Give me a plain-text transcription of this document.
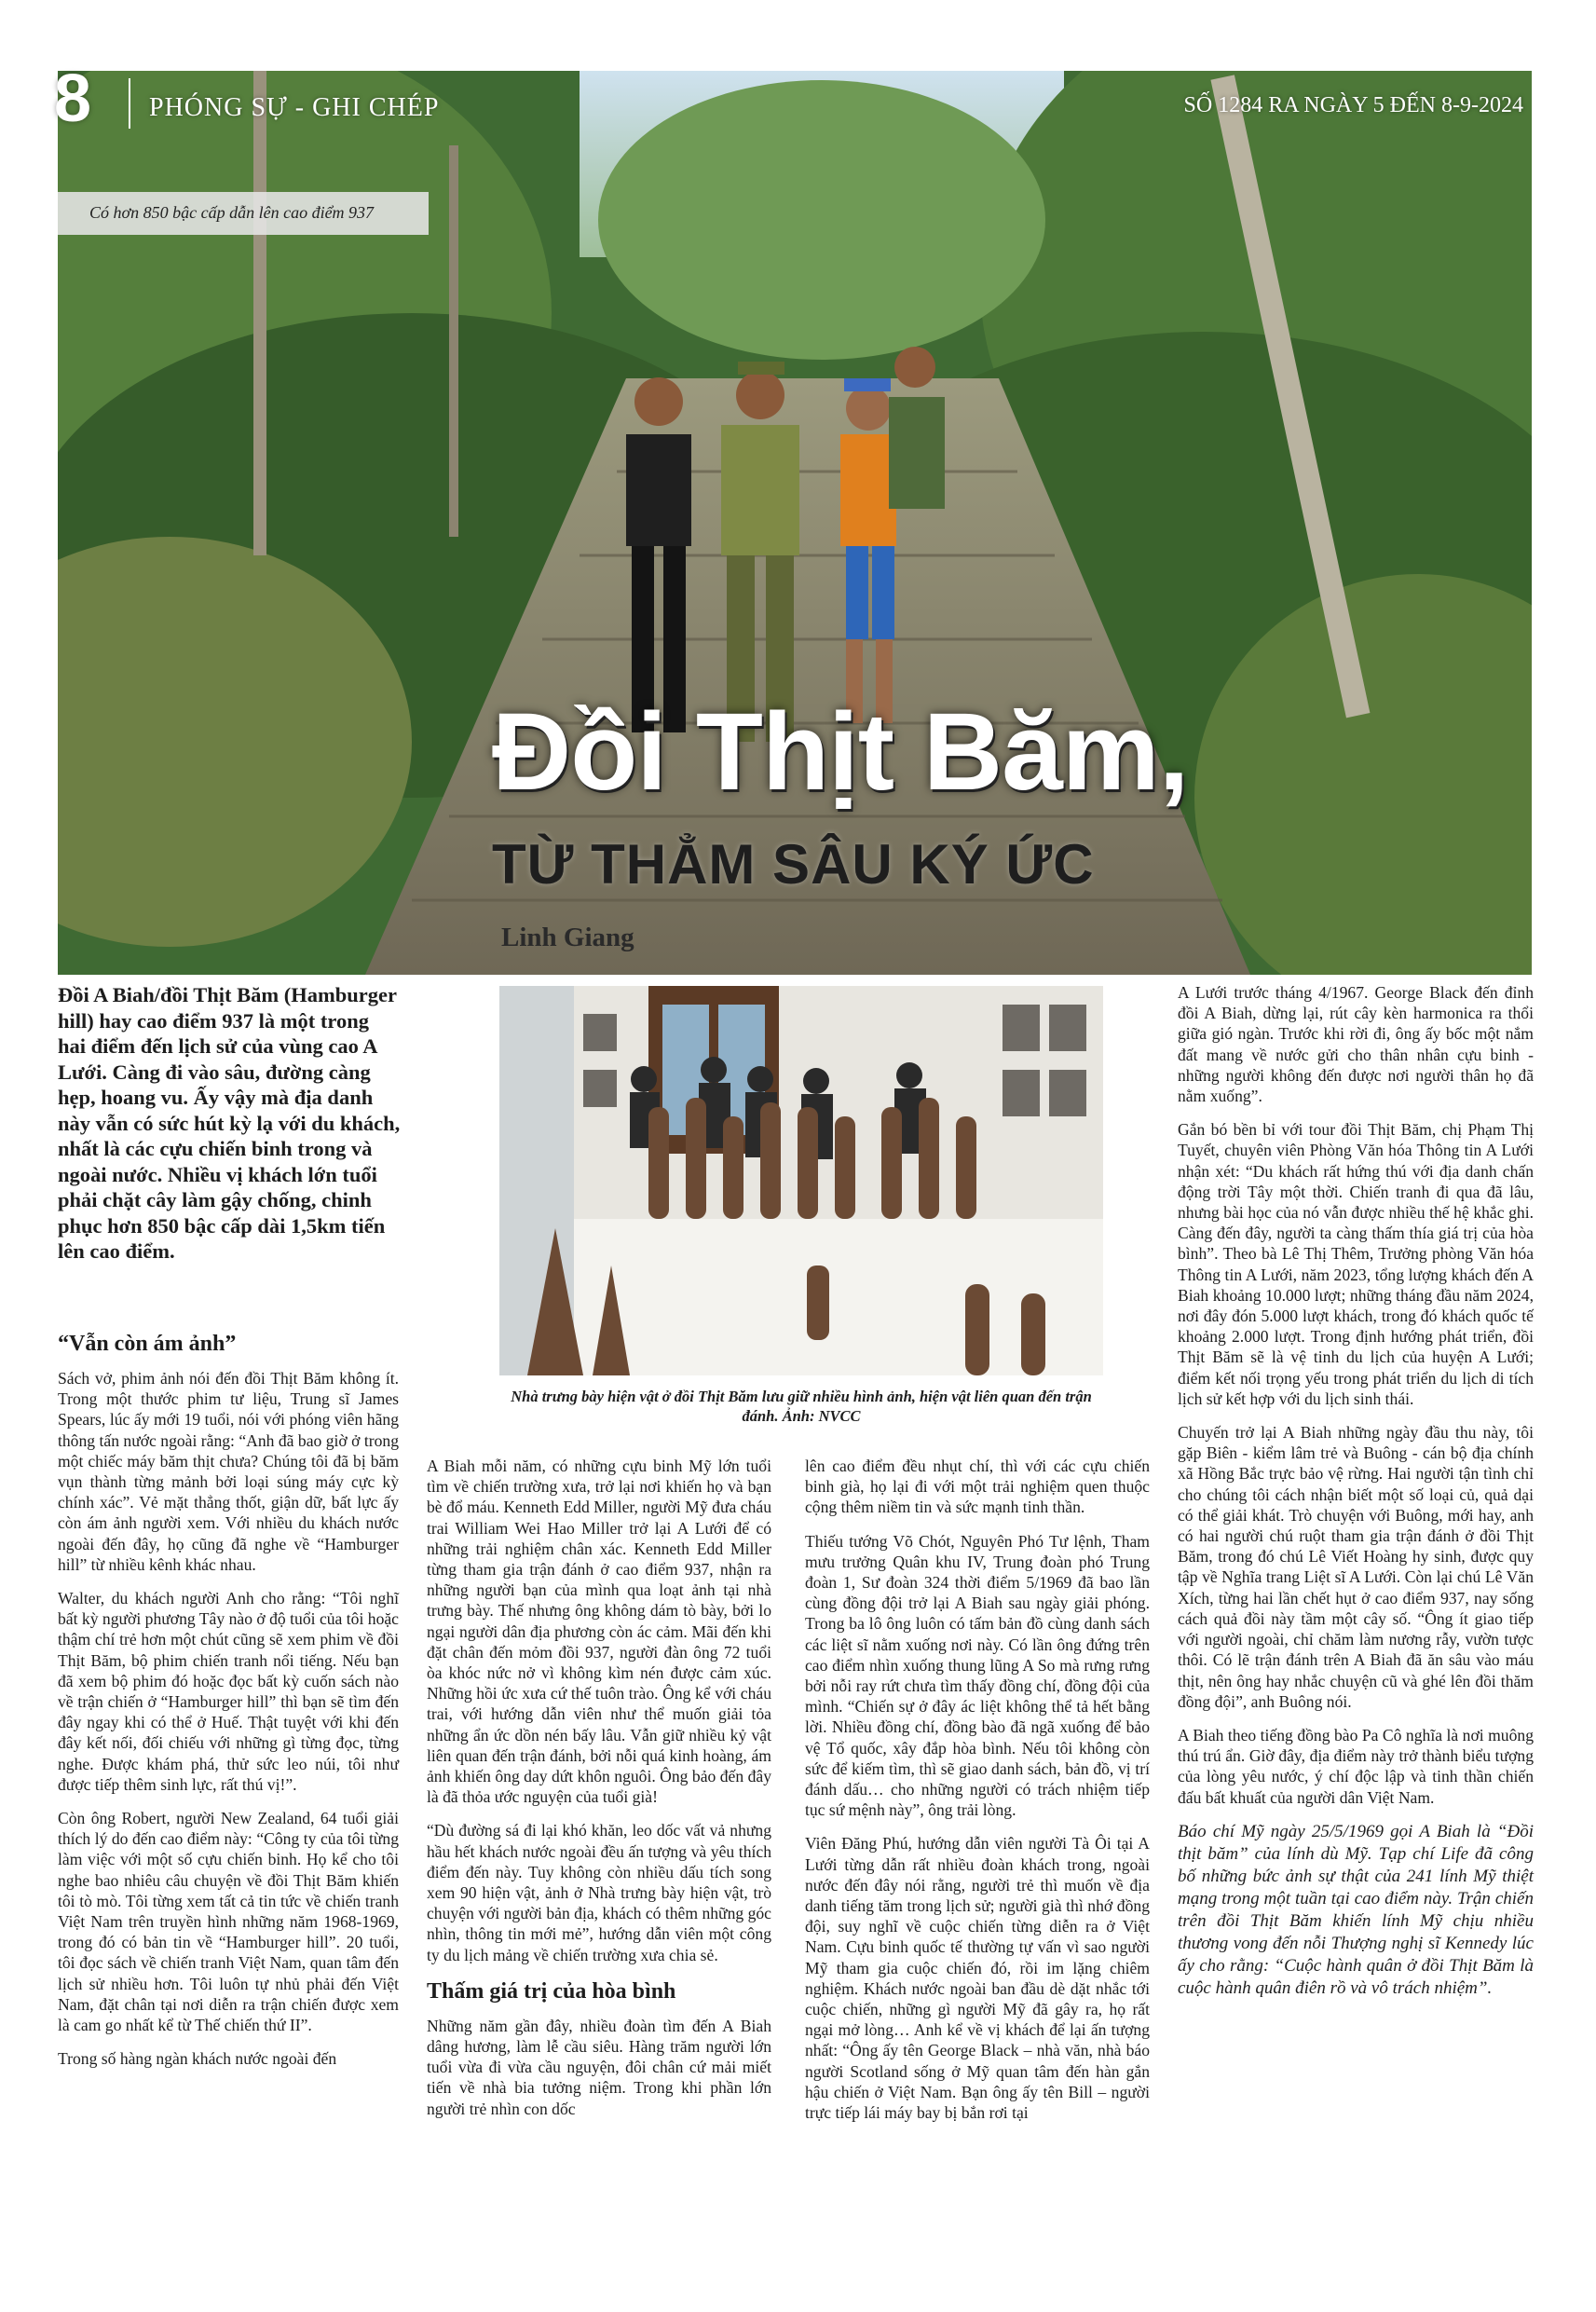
8 PHÓNG SỰ - GHI CHÉP	SỐ 1284 RA NGÀY 5 ĐẾN 8-9-2024
Có hơn 850 bậc cấp dẫn lên cao điểm 937
Đồi Thịt Băm,
TỪ THẲM SÂU KÝ ỨC
Linh Giang
Đồi A Biah/đồi Thịt Băm (Hamburger hill) hay cao điểm 937 là một trong hai điểm đến lịch sử của vùng cao A Lưới. Càng đi vào sâu, đường càng hẹp, hoang vu. Ấy vậy mà địa danh này vẫn có sức hút kỳ lạ với du khách, nhất là các cựu chiến binh trong và ngoài nước. Nhiều vị khách lớn tuổi phải chặt cây làm gậy chống, chinh phục hơn 850 bậc cấp dài 1,5km tiến lên cao điểm.
“Vẫn còn ám ảnh”

Sách vở, phim ảnh nói đến đồi Thịt Băm không ít. Trong một thước phim tư liệu, Trung sĩ James Spears, lúc ấy mới 19 tuổi, nói với phóng viên hãng thông tấn nước ngoài rằng: “Anh đã bao giờ ở trong một chiếc máy băm thịt chưa? Chúng tôi đã bị băm vụn thành từng mảnh bởi loại súng máy cực kỳ chính xác”. Vẻ mặt thẳng thốt, giận dữ, bất lực ấy còn ám ảnh người xem. Với nhiều du khách nước ngoài đến đây, họ cũng đã nghe về “Hamburger hill” từ nhiều kênh khác nhau.

Walter, du khách người Anh cho rằng: “Tôi nghĩ bất kỳ người phương Tây nào ở độ tuổi của tôi hoặc thậm chí trẻ hơn một chút cũng sẽ xem phim về đồi Thịt Băm, bộ phim chiến tranh nổi tiếng. Nếu bạn đã xem bộ phim đó hoặc đọc bất kỳ cuốn sách nào về trận chiến ở “Hamburger hill” thì bạn sẽ tìm đến đây ngay khi có thể ở Huế. Thật tuyệt với khi đến đây kết nối, đối chiếu với những gì từng đọc, từng nghe. Được khám phá, thử sức leo núi, tôi như được tiếp thêm sinh lực, rất thú vị!”.

Còn ông Robert, người New Zealand, 64 tuổi giải thích lý do đến cao điểm này: “Công ty của tôi từng làm việc với một số cựu chiến binh. Họ kể cho tôi nghe bao nhiêu câu chuyện về đồi Thịt Băm khiến tôi tò mò. Tôi từng xem tất cả tin tức về chiến tranh Việt Nam trên truyền hình những năm 1968-1969, trong đó có bản tin về “Hamburger hill”. 20 tuổi, tôi đọc sách về chiến tranh Việt Nam, quan tâm đến lịch sử nhiều hơn. Tôi luôn tự nhủ phải đến Việt Nam, đặt chân tại nơi diễn ra trận chiến được xem là cam go nhất kể từ Thế chiến thứ II”.

Trong số hàng ngàn khách nước ngoài đến

Nhà trưng bày hiện vật ở đồi Thịt Băm lưu giữ nhiều hình ảnh, hiện vật liên quan đến trận đánh. Ảnh: NVCC

A Biah mỗi năm, có những cựu binh Mỹ lớn tuổi tìm về chiến trường xưa, trở lại nơi khiến họ và bạn bè đổ máu. Kenneth Edd Miller, người Mỹ đưa cháu trai William Wei Hao Miller trở lại A Lưới để có những trải nghiệm chân xác. Kenneth Edd Miller từng tham gia trận đánh ở cao điểm 937, nhận ra những người bạn của mình qua loạt ảnh tại nhà trưng bày. Thế nhưng ông không dám tò bày, bởi lo ngại người dân địa phương còn ác cảm. Mãi đến khi đặt chân đến mỏm đồi 937, người đàn ông 72 tuổi òa khóc nức nở vì không kìm nén được cảm xúc. Những hồi ức xưa cứ thế tuôn trào. Ông kể với cháu trai, với hướng dẫn viên như thể muốn giải tỏa những ẩn ức dồn nén bấy lâu. Vẫn giữ nhiều kỷ vật liên quan đến trận đánh, bởi nỗi quá kinh hoàng, ám ảnh khiến ông day dứt khôn nguôi. Ông bảo đến đây là đã thỏa ước nguyện của tuổi già!

“Dù đường sá đi lại khó khăn, leo dốc vất vả nhưng hầu hết khách nước ngoài đều ấn tượng và yêu thích điểm đến này. Tuy không còn nhiều dấu tích song xem 90 hiện vật, ảnh ở Nhà trưng bày hiện vật, trò chuyện với người bản địa, khách có thêm những góc nhìn, thông tin mới mẻ”, hướng dẫn viên một công ty du lịch mảng về chiến trường xưa chia sẻ.

Thấm giá trị của hòa bình

Những năm gần đây, nhiều đoàn tìm đến A Biah dâng hương, làm lễ cầu siêu. Hàng trăm người lớn tuổi vừa đi vừa cầu nguyện, đôi chân cứ mải miết tiến về nhà bia tưởng niệm. Trong khi phần lớn người trẻ nhìn con dốc

lên cao điểm đều nhụt chí, thì với các cựu chiến binh già, họ lại đi với một trải nghiệm quen thuộc cộng thêm niềm tin và sức mạnh tinh thần.

Thiếu tướng Võ Chót, Nguyên Phó Tư lệnh, Tham mưu trưởng Quân khu IV, Trung đoàn phó Trung đoàn 1, Sư đoàn 324 thời điểm 5/1969 đã bao lần cùng đồng đội trở lại A Biah sau ngày giải phóng. Trong ba lô ông luôn có tấm bản đồ cùng danh sách các liệt sĩ nằm xuống nơi này. Có lần ông đứng trên cao điểm nhìn xuống thung lũng A So mà rưng rưng bởi nỗi ray rứt chưa tìm thấy đồng chí, đồng đội của mình. “Chiến sự ở đây ác liệt không thể tả hết bằng lời. Nhiều đồng chí, đồng bào đã ngã xuống để bảo vệ Tổ quốc, xây đắp hòa bình. Nếu tôi không còn sức để kiếm tìm, thì sẽ giao danh sách, bản đồ, vị trí đánh dấu… cho những người có trách nhiệm tiếp tục sứ mệnh này”, ông trải lòng.

Viên Đăng Phú, hướng dẫn viên người Tà Ôi tại A Lưới từng dẫn rất nhiều đoàn khách trong, ngoài nước đến đây nói rằng, người trẻ thì muốn về địa danh tiếng tăm trong lịch sử; người già thì nhớ đồng đội, suy nghĩ về cuộc chiến từng diễn ra ở Việt Nam. Cựu binh quốc tế thường tự vấn vì sao người Mỹ tham gia cuộc chiến đó, rồi im lặng chiêm nghiệm. Khách nước ngoài ban đầu dè dặt nhắc tới cuộc chiến, những gì người Mỹ đã gây ra, họ rất ngại mở lòng… Anh kể về vị khách để lại ấn tượng nhất: “Ông ấy tên George Black – nhà văn, nhà báo người Scotland sống ở Mỹ quan tâm đến hàn gắn hậu chiến ở Việt Nam. Bạn ông ấy tên Bill – người trực tiếp lái máy bay bị bắn rơi tại

A Lưới trước tháng 4/1967. George Black đến đỉnh đồi A Biah, dừng lại, rút cây kèn harmonica ra thổi giữa gió ngàn. Trước khi rời đi, ông ấy bốc một nắm đất mang về nước gửi cho thân nhân cựu binh - những người không đến được nơi người thân họ đã nằm xuống”.

Gắn bó bền bỉ với tour đồi Thịt Băm, chị Phạm Thị Tuyết, chuyên viên Phòng Văn hóa Thông tin A Lưới nhận xét: “Du khách rất hứng thú với địa danh chấn động trời Tây một thời. Chiến tranh đi qua đã lâu, nhưng bài học của nó vẫn được nhiều thế hệ khắc ghi. Càng đến đây, người ta càng thấm thía giá trị của hòa bình”. Theo bà Lê Thị Thêm, Trưởng phòng Văn hóa Thông tin A Lưới, năm 2023, tổng lượng khách đến A Biah khoảng 10.000 lượt; những tháng đầu năm 2024, nơi đây đón 5.000 lượt khách, trong đó khách quốc tế khoảng 2.000 lượt. Trong định hướng phát triển, đồi Thịt Băm sẽ là vệ tinh du lịch của huyện A Lưới; điểm kết nối trọng yếu trong phát triển du lịch di tích lịch sử kết hợp với du lịch sinh thái.

Chuyến trở lại A Biah những ngày đầu thu này, tôi gặp Biên - kiểm lâm trẻ và Buông - cán bộ địa chính xã Hồng Bắc trực bảo vệ rừng. Hai người tận tình chỉ cho chúng tôi cách nhận biết một số loại củ, quả dại có thể giải khát. Trò chuyện với Buông, mới hay, anh có hai người chú ruột tham gia trận đánh ở đồi Thịt Băm, trong đó chú Lê Viết Hoàng hy sinh, được quy tập về Nghĩa trang Liệt sĩ A Lưới. Còn lại chú Lê Văn Xích, từng hai lần chết hụt ở cao điểm 937, nay sống cách quả đồi này tầm một cây số. “Ông ít giao tiếp với người ngoài, chỉ chăm làm nương rẫy, vườn tược thôi. Có lẽ trận đánh trên A Biah đã ăn sâu vào máu thịt, nên ông hay nhắc chuyện cũ và ghé lên đồi thăm đồng đội”, anh Buông nói.

A Biah theo tiếng đồng bào Pa Cô nghĩa là nơi muông thú trú ẩn. Giờ đây, địa điểm này trở thành biểu tượng của lòng yêu nước, ý chí độc lập và tinh thần chiến đấu bất khuất của người dân Việt Nam.

Báo chí Mỹ ngày 25/5/1969 gọi A Biah là “Đồi thịt băm” của lính dù Mỹ. Tạp chí Life đã công bố những bức ảnh sự thật của 241 lính Mỹ thiệt mạng trong một tuần tại cao điểm này. Trận chiến trên đồi Thịt Băm khiến lính Mỹ chịu nhiều thương vong đến nỗi Thượng nghị sĩ Kennedy lúc ấy cho rằng: “Cuộc hành quân ở đồi Thịt Băm là cuộc hành quân điên rồ và vô trách nhiệm”.
